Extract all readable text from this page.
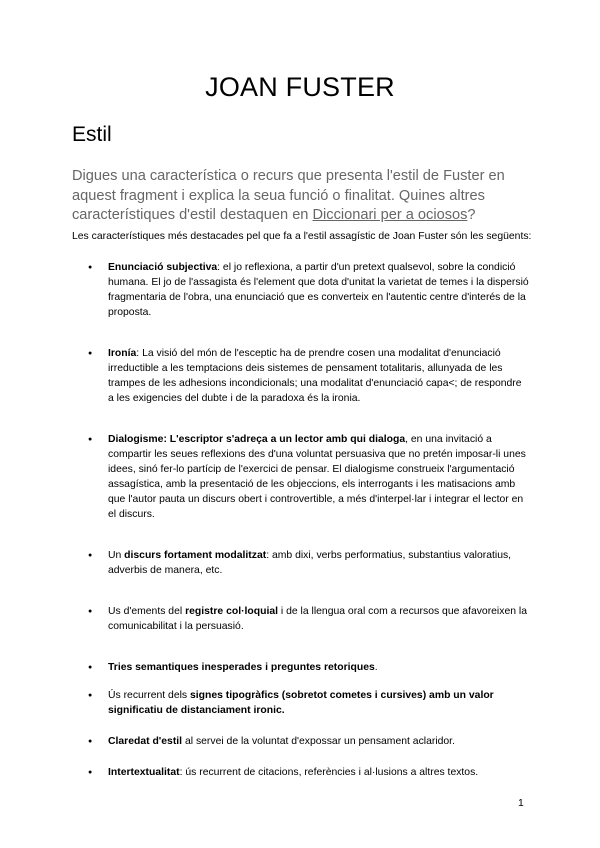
JOAN FUSTER
Estil

Digues una característica o recurs que presenta l'estil de Fuster en aquest fragment i explica la seua funció o finalitat. Quines altres característiques d'estil destaquen en Diccionari per a ociosos?

Les característiques més destacades pel que fa a l'estil assagístic de Joan Fuster són les següents:

● Enunciació subjectiva: el jo reflexiona, a partir d'un pretext qualsevol, sobre la condició humana. El jo de l'assagista és l'element que dota d'unitat la varietat de temes i la dispersió fragmentaria de l'obra, una enunciació que es converteix en l'autentic centre d'interés de la proposta.
● Ironía: La visió del món de l'esceptic ha de prendre cosen una modalitat d'enunciació irreductible a les temptacions deis sistemes de pensament totalitaris, allunyada de les trampes de les adhesions incondicionals; una modalitat d'enunciació capa<; de respondre a les exigencies del dubte i de la paradoxa és la ironia.
● Dialogisme: L'escriptor s'adreça a un lector amb qui dialoga, en una invitació a compartir les seues reflexions des d'una voluntat persuasiva que no pretén imposar-li unes idees, sinó fer-lo partícip de l'exercici de pensar. El dialogisme construeix l'argumentació assagística, amb la presentació de les objeccions, els interrogants i les matisacions amb que l'autor pauta un discurs obert i controvertible, a més d'interpel·lar i integrar el lector en el discurs.
● Un discurs fortament modalitzat: amb dixi, verbs performatius, substantius valoratius, adverbis de manera, etc.
● Us d'ements del registre col·loquial i de la llengua oral com a recursos que afavoreixen la comunicabilitat i la persuasió.
● Tries semantiques inesperades i preguntes retoriques.
● Ús recurrent dels signes tipogràfics (sobretot cometes i cursives) amb un valor significatiu de distanciament ironic.
● Claredat d'estil al servei de la voluntat d'expossar un pensament aclaridor.
● Intertextualitat: ús recurrent de citacions, referències i al·lusions a altres textos.
1
